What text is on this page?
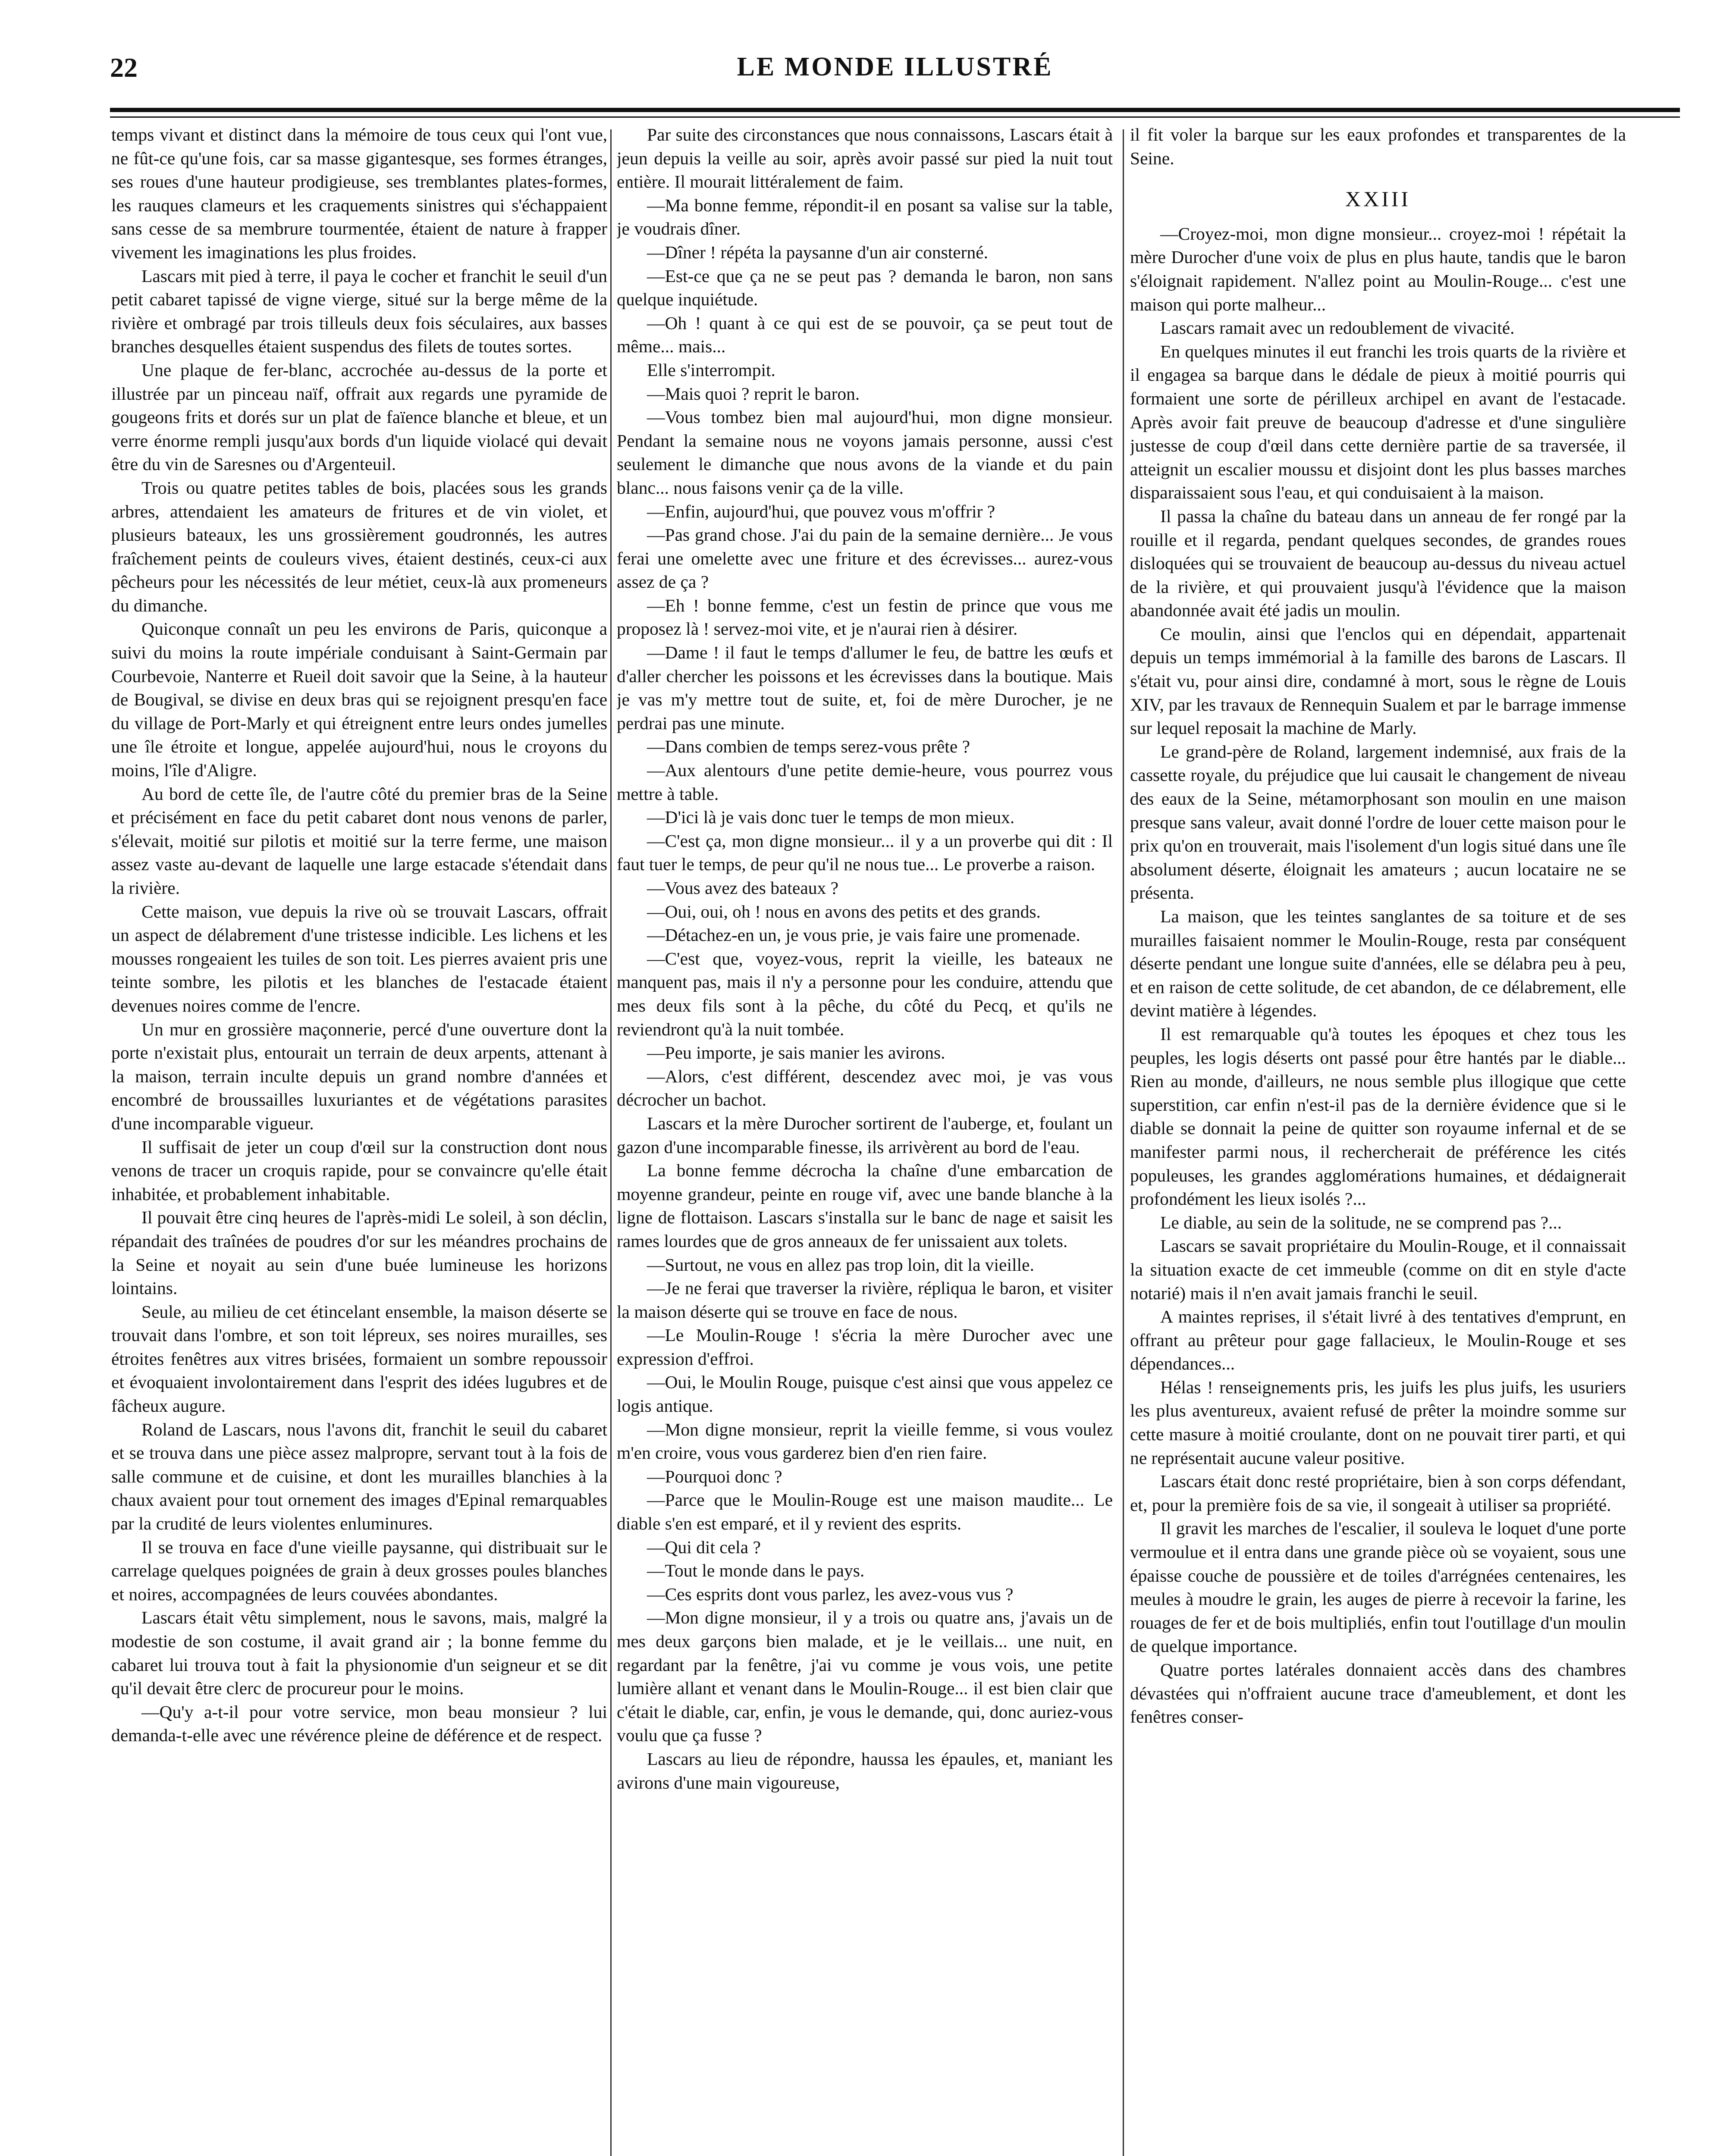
22	LE MONDE ILLUSTRÉ

temps vivant et distinct dans la mémoire de tous ceux qui l'ont vue, ne fût-ce qu'une fois, car sa masse gigantesque, ses formes étranges, ses roues d'une hauteur prodigieuse, ses tremblantes plates-formes, les rauques clameurs et les craquements sinistres qui s'échappaient sans cesse de sa membrure tourmentée, étaient de nature à frapper vivement les imaginations les plus froides.

Lascars mit pied à terre, il paya le cocher et franchit le seuil d'un petit cabaret tapissé de vigne vierge, situé sur la berge même de la rivière et ombragé par trois tilleuls deux fois séculaires, aux basses branches desquelles étaient suspendus des filets de toutes sortes.

Une plaque de fer-blanc, accrochée au-dessus de la porte et illustrée par un pinceau naïf, offrait aux regards une pyramide de gougeons frits et dorés sur un plat de faïence blanche et bleue, et un verre énorme rempli jusqu'aux bords d'un liquide violacé qui devait être du vin de Saresnes ou d'Argenteuil.

Trois ou quatre petites tables de bois, placées sous les grands arbres, attendaient les amateurs de fritures et de vin violet, et plusieurs bateaux, les uns grossièrement goudronnés, les autres fraîchement peints de couleurs vives, étaient destinés, ceux-ci aux pêcheurs pour les nécessités de leur métiet, ceux-là aux promeneurs du dimanche.

Quiconque connaît un peu les environs de Paris, quiconque a suivi du moins la route impériale conduisant à Saint-Germain par Courbevoie, Nanterre et Rueil doit savoir que la Seine, à la hauteur de Bougival, se divise en deux bras qui se rejoignent presqu'en face du village de Port-Marly et qui étreignent entre leurs ondes jumelles une île étroite et longue, appelée aujourd'hui, nous le croyons du moins, l'île d'Aligre.

Au bord de cette île, de l'autre côté du premier bras de la Seine et précisément en face du petit cabaret dont nous venons de parler, s'élevait, moitié sur pilotis et moitié sur la terre ferme, une maison assez vaste au-devant de laquelle une large estacade s'étendait dans la rivière.

Cette maison, vue depuis la rive où se trouvait Lascars, offrait un aspect de délabrement d'une tristesse indicible. Les lichens et les mousses rongeaient les tuiles de son toit. Les pierres avaient pris une teinte sombre, les pilotis et les blanches de l'estacade étaient devenues noires comme de l'encre.

Un mur en grossière maçonnerie, percé d'une ouverture dont la porte n'existait plus, entourait un terrain de deux arpents, attenant à la maison, terrain inculte depuis un grand nombre d'années et encombré de broussailles luxuriantes et de végétations parasites d'une incomparable vigueur.

Il suffisait de jeter un coup d'œil sur la construction dont nous venons de tracer un croquis rapide, pour se convaincre qu'elle était inhabitée, et probablement inhabitable.

Il pouvait être cinq heures de l'après-midi Le soleil, à son déclin, répandait des traînées de poudres d'or sur les méandres prochains de la Seine et noyait au sein d'une buée lumineuse les horizons lointains.

Seule, au milieu de cet étincelant ensemble, la maison déserte se trouvait dans l'ombre, et son toit lépreux, ses noires murailles, ses étroites fenêtres aux vitres brisées, formaient un sombre repoussoir et évoquaient involontairement dans l'esprit des idées lugubres et de fâcheux augure.

Roland de Lascars, nous l'avons dit, franchit le seuil du cabaret et se trouva dans une pièce assez malpropre, servant tout à la fois de salle commune et de cuisine, et dont les murailles blanchies à la chaux avaient pour tout ornement des images d'Epinal remarquables par la crudité de leurs violentes enluminures.

Il se trouva en face d'une vieille paysanne, qui distribuait sur le carrelage quelques poignées de grain à deux grosses poules blanches et noires, accompagnées de leurs couvées abondantes.

Lascars était vêtu simplement, nous le savons, mais, malgré la modestie de son costume, il avait grand air ; la bonne femme du cabaret lui trouva tout à fait la physionomie d'un seigneur et se dit qu'il devait être clerc de procureur pour le moins.

—Qu'y a-t-il pour votre service, mon beau monsieur ? lui demanda-t-elle avec une révérence pleine de déférence et de respect.

Par suite des circonstances que nous connaissons, Lascars était à jeun depuis la veille au soir, après avoir passé sur pied la nuit tout entière. Il mourait littéralement de faim.

—Ma bonne femme, répondit-il en posant sa valise sur la table, je voudrais dîner.

—Dîner ! répéta la paysanne d'un air consterné.

—Est-ce que ça ne se peut pas ? demanda le baron, non sans quelque inquiétude.

—Oh ! quant à ce qui est de se pouvoir, ça se peut tout de même... mais...

Elle s'interrompit.

—Mais quoi ? reprit le baron.

—Vous tombez bien mal aujourd'hui, mon digne monsieur. Pendant la semaine nous ne voyons jamais personne, aussi c'est seulement le dimanche que nous avons de la viande et du pain blanc... nous faisons venir ça de la ville.

—Enfin, aujourd'hui, que pouvez vous m'offrir ?

—Pas grand chose. J'ai du pain de la semaine dernière... Je vous ferai une omelette avec une friture et des écrevisses... aurez-vous assez de ça ?

—Eh ! bonne femme, c'est un festin de prince que vous me proposez là ! servez-moi vite, et je n'aurai rien à désirer.

—Dame ! il faut le temps d'allumer le feu, de battre les œufs et d'aller chercher les poissons et les écrevisses dans la boutique. Mais je vas m'y mettre tout de suite, et, foi de mère Durocher, je ne perdrai pas une minute.

—Dans combien de temps serez-vous prête ?

—Aux alentours d'une petite demie-heure, vous pourrez vous mettre à table.

—D'ici là je vais donc tuer le temps de mon mieux.

—C'est ça, mon digne monsieur... il y a un proverbe qui dit : Il faut tuer le temps, de peur qu'il ne nous tue... Le proverbe a raison.

—Vous avez des bateaux ?

—Oui, oui, oh ! nous en avons des petits et des grands.

—Détachez-en un, je vous prie, je vais faire une promenade.

—C'est que, voyez-vous, reprit la vieille, les bateaux ne manquent pas, mais il n'y a personne pour les conduire, attendu que mes deux fils sont à la pêche, du côté du Pecq, et qu'ils ne reviendront qu'à la nuit tombée.

—Peu importe, je sais manier les avirons.

—Alors, c'est différent, descendez avec moi, je vas vous décrocher un bachot.

Lascars et la mère Durocher sortirent de l'auberge, et, foulant un gazon d'une incomparable finesse, ils arrivèrent au bord de l'eau.

La bonne femme décrocha la chaîne d'une embarcation de moyenne grandeur, peinte en rouge vif, avec une bande blanche à la ligne de flottaison. Lascars s'installa sur le banc de nage et saisit les rames lourdes que de gros anneaux de fer unissaient aux tolets.

—Surtout, ne vous en allez pas trop loin, dit la vieille.

—Je ne ferai que traverser la rivière, répliqua le baron, et visiter la maison déserte qui se trouve en face de nous.

—Le Moulin-Rouge ! s'écria la mère Durocher avec une expression d'effroi.

—Oui, le Moulin Rouge, puisque c'est ainsi que vous appelez ce logis antique.

—Mon digne monsieur, reprit la vieille femme, si vous voulez m'en croire, vous vous garderez bien d'en rien faire.

—Pourquoi donc ?

—Parce que le Moulin-Rouge est une maison maudite... Le diable s'en est emparé, et il y revient des esprits.

—Qui dit cela ?

—Tout le monde dans le pays.

—Ces esprits dont vous parlez, les avez-vous vus ?

—Mon digne monsieur, il y a trois ou quatre ans, j'avais un de mes deux garçons bien malade, et je le veillais... une nuit, en regardant par la fenêtre, j'ai vu comme je vous vois, une petite lumière allant et venant dans le Moulin-Rouge... il est bien clair que c'était le diable, car, enfin, je vous le demande, qui, donc auriez-vous voulu que ça fusse ?

Lascars au lieu de répondre, haussa les épaules, et, maniant les avirons d'une main vigoureuse,

il fit voler la barque sur les eaux profondes et transparentes de la Seine.

XXIII

—Croyez-moi, mon digne monsieur... croyez-moi ! répétait la mère Durocher d'une voix de plus en plus haute, tandis que le baron s'éloignait rapidement. N'allez point au Moulin-Rouge... c'est une maison qui porte malheur...

Lascars ramait avec un redoublement de vivacité.

En quelques minutes il eut franchi les trois quarts de la rivière et il engagea sa barque dans le dédale de pieux à moitié pourris qui formaient une sorte de périlleux archipel en avant de l'estacade. Après avoir fait preuve de beaucoup d'adresse et d'une singulière justesse de coup d'œil dans cette dernière partie de sa traversée, il atteignit un escalier moussu et disjoint dont les plus basses marches disparaissaient sous l'eau, et qui conduisaient à la maison.

Il passa la chaîne du bateau dans un anneau de fer rongé par la rouille et il regarda, pendant quelques secondes, de grandes roues disloquées qui se trouvaient de beaucoup au-dessus du niveau actuel de la rivière, et qui prouvaient jusqu'à l'évidence que la maison abandonnée avait été jadis un moulin.

Ce moulin, ainsi que l'enclos qui en dépendait, appartenait depuis un temps immémorial à la famille des barons de Lascars. Il s'était vu, pour ainsi dire, condamné à mort, sous le règne de Louis XIV, par les travaux de Rennequin Sualem et par le barrage immense sur lequel reposait la machine de Marly.

Le grand-père de Roland, largement indemnisé, aux frais de la cassette royale, du préjudice que lui causait le changement de niveau des eaux de la Seine, métamorphosant son moulin en une maison presque sans valeur, avait donné l'ordre de louer cette maison pour le prix qu'on en trouverait, mais l'isolement d'un logis situé dans une île absolument déserte, éloignait les amateurs ; aucun locataire ne se présenta.

La maison, que les teintes sanglantes de sa toiture et de ses murailles faisaient nommer le Moulin-Rouge, resta par conséquent déserte pendant une longue suite d'années, elle se délabra peu à peu, et en raison de cette solitude, de cet abandon, de ce délabrement, elle devint matière à légendes.

Il est remarquable qu'à toutes les époques et chez tous les peuples, les logis déserts ont passé pour être hantés par le diable... Rien au monde, d'ailleurs, ne nous semble plus illogique que cette superstition, car enfin n'est-il pas de la dernière évidence que si le diable se donnait la peine de quitter son royaume infernal et de se manifester parmi nous, il rechercherait de préférence les cités populeuses, les grandes agglomérations humaines, et dédaignerait profondément les lieux isolés ?...

Le diable, au sein de la solitude, ne se comprend pas ?...

Lascars se savait propriétaire du Moulin-Rouge, et il connaissait la situation exacte de cet immeuble (comme on dit en style d'acte notarié) mais il n'en avait jamais franchi le seuil.

A maintes reprises, il s'était livré à des tentatives d'emprunt, en offrant au prêteur pour gage fallacieux, le Moulin-Rouge et ses dépendances...

Hélas ! renseignements pris, les juifs les plus juifs, les usuriers les plus aventureux, avaient refusé de prêter la moindre somme sur cette masure à moitié croulante, dont on ne pouvait tirer parti, et qui ne représentait aucune valeur positive.

Lascars était donc resté propriétaire, bien à son corps défendant, et, pour la première fois de sa vie, il songeait à utiliser sa propriété.

Il gravit les marches de l'escalier, il souleva le loquet d'une porte vermoulue et il entra dans une grande pièce où se voyaient, sous une épaisse couche de poussière et de toiles d'arrégnées centenaires, les meules à moudre le grain, les auges de pierre à recevoir la farine, les rouages de fer et de bois multipliés, enfin tout l'outillage d'un moulin de quelque importance.

Quatre portes latérales donnaient accès dans des chambres dévastées qui n'offraient aucune trace d'ameublement, et dont les fenêtres conser-
